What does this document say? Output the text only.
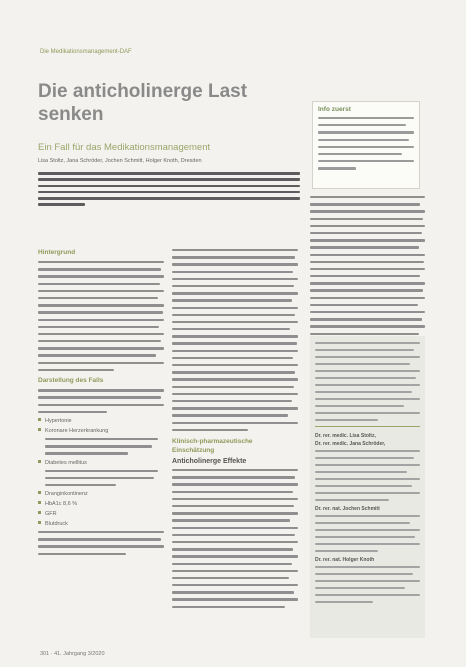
Die Medikationsmanagement-DAF
Die anticholinerge Last senken
Ein Fall für das Medikationsmanagement
Lisa Stoltz, Jana Schröder, Jochen Schmitt, Holger Knoth, Dresden
Hintergrund
Darstellung des Falls
Hypertonie
Koronare Herzerkrankung
Diabetes mellitus
Dranginkontinenz
HbA1c 8,6 %
GFR
Blutdruck
Klinisch-pharmazeutische Einschätzung
Anticholinerge Effekte
Info zuerst
Dr. rer. medic. Lisa Stoltz,
Dr. rer. medic. Jana Schröder,
Dr. rer. nat. Jochen Schmitt
Dr. rer. nat. Holger Knoth
301 · 41. Jahrgang 3/2020
